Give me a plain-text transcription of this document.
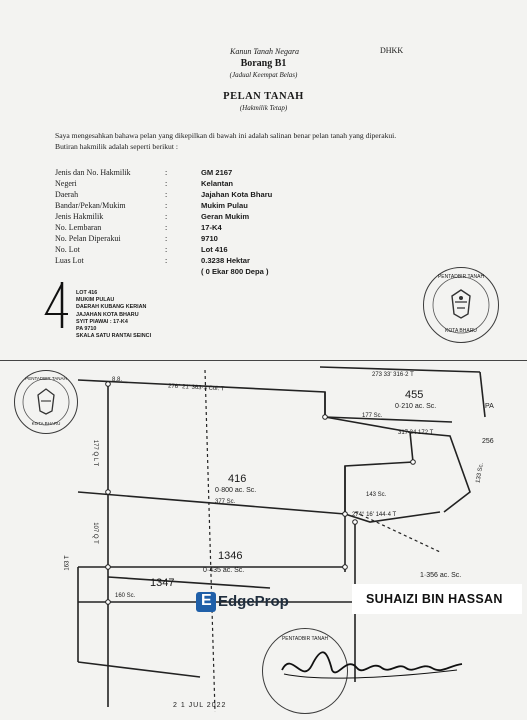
Kanun Tanah Negara	DHKK
Borang B1
(Jadual Keempat Belas)
PELAN TANAH
(Hakmilik Tetap)
Saya mengesahkan bahawa pelan yang dikepilkan di bawah ini adalah salinan benar pelan tanah yang diperakui.
Butiran hakmilik adalah seperti berikut :
Jenis dan No. Hakmilik	:	GM 2167
Negeri	:	Kelantan
Daerah	:	Jajahan Kota Bharu
Bandar/Pekan/Mukim	:	Mukim Pulau
Jenis Hakmilik	:	Geran Mukim
No. Lembaran	:	17-K4
No. Pelan Diperakui	:	9710
No. Lot	:	Lot 416
Luas Lot	:	0.3238 Hektar
( 0 Ekar 800 Depa )
PENTADBIR TANAH
KOTA BHARU
LOT 416
MUKIM PULAU
DAERAH KUBANG KERIAN
JAJAHAN KOTA BHARU
SYIT PIAWAI : 17-K4
PA 9710
SKALA SATU RANTAI SEINCI
416
0·800 ac. Sc.
455
0·210 ac. Sc.
1346
0·435 ac. Sc.
1347
1·356 ac. Sc.
256
PA
276° 21' 363·3 Col. T
273 33' 316·2 T
317 34 172 T
274° 16' 144·4 T
377 Sc.
177 Sc.
143 Sc.
160 Sc.
133 Sc.
177 Q L T
107 Q T
163 T
8.8.
PENTADBIR TANAH
KOTA BHARU
PENTADBIR TANAH
2 1 JUL 2022
E EdgeProp	SUHAIZI BIN HASSAN
